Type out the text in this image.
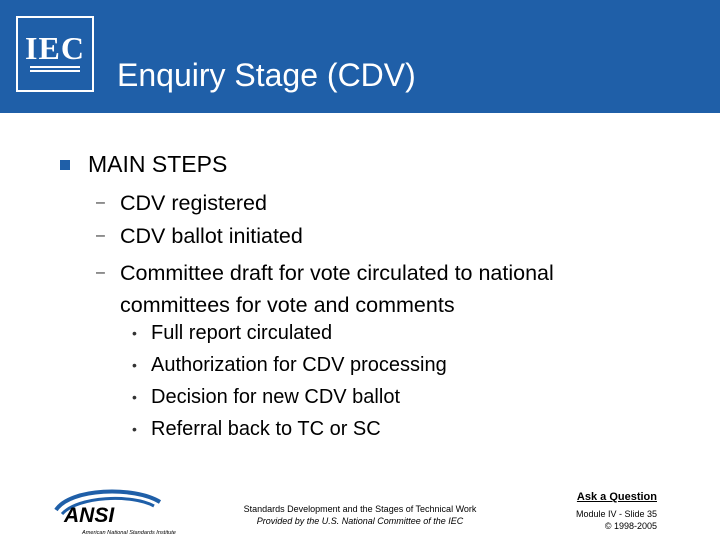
IEC
Enquiry Stage (CDV)
MAIN STEPS
– CDV registered
– CDV ballot initiated
– Committee draft for vote circulated to national committees for vote and comments
• Full report circulated
• Authorization for CDV processing
• Decision for new CDV ballot
• Referral back to TC or SC
ANSI
American National Standards Institute
Standards Development and the Stages of Technical Work
Provided by the U.S. National Committee of the IEC
Ask a Question
Module IV - Slide 35
© 1998-2005
